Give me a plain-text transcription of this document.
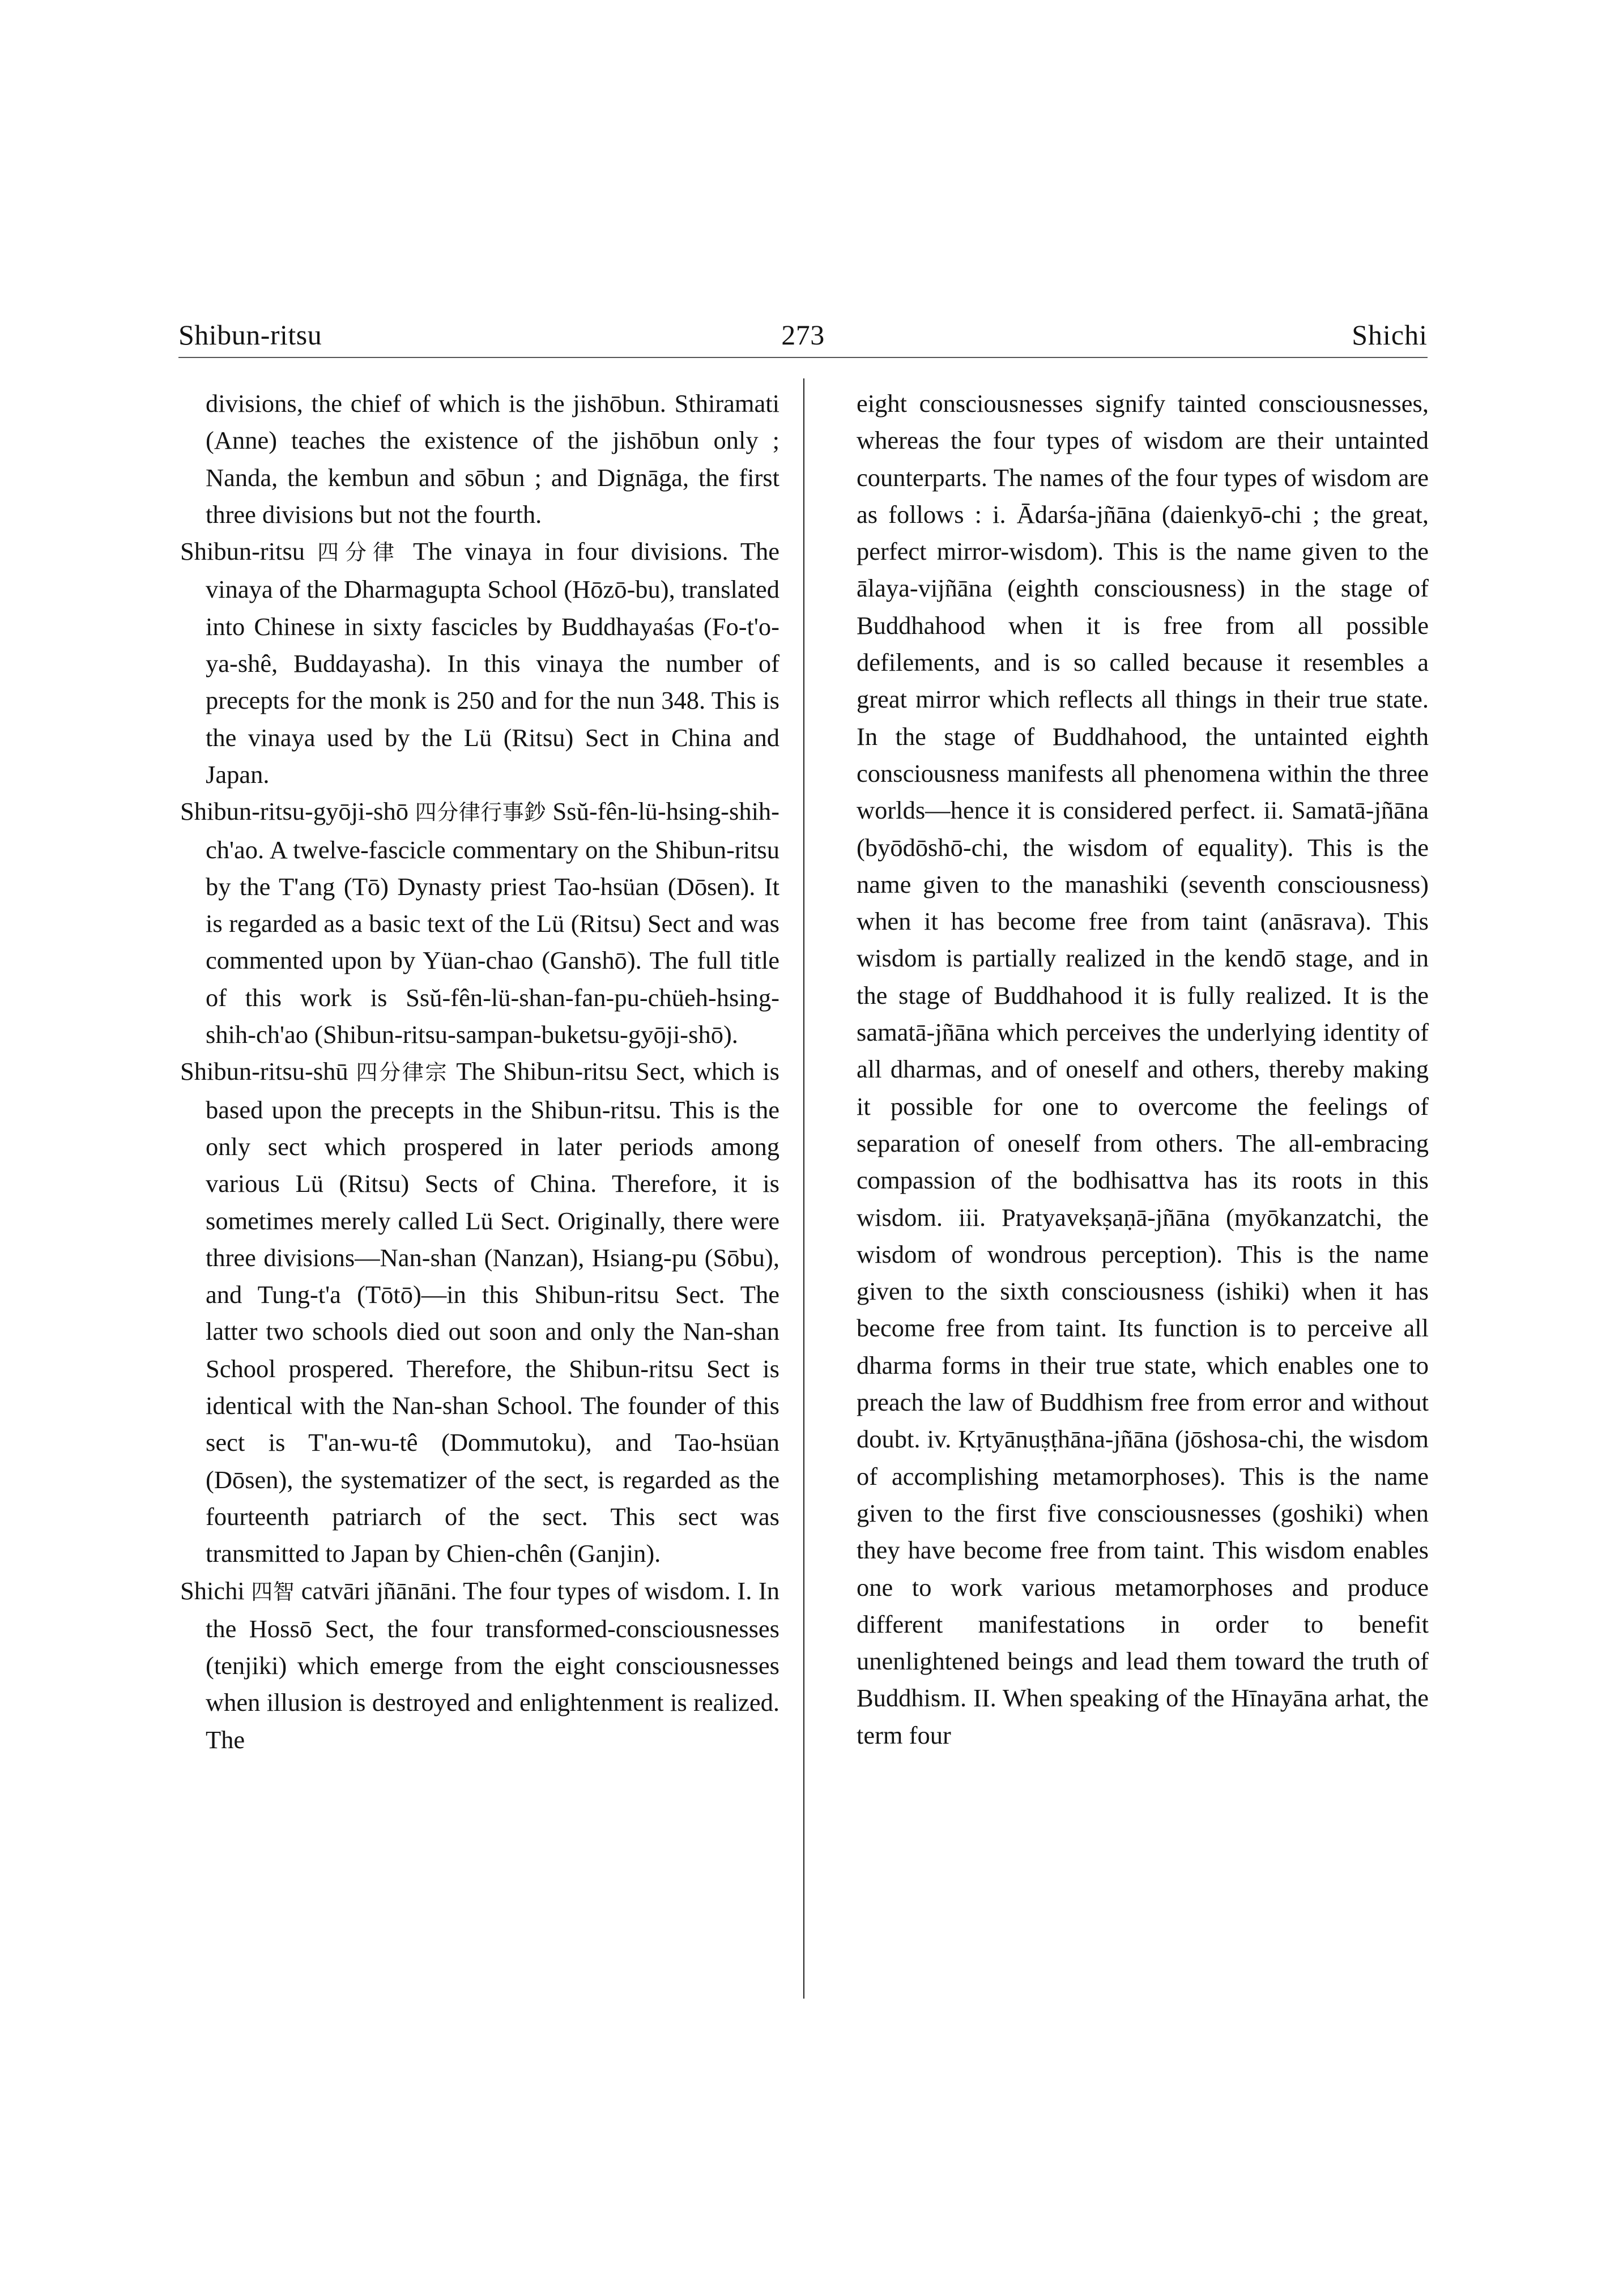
Shibun-ritsu	273	Shichi

divisions, the chief of which is the jishōbun. Sthiramati (Anne) teaches the existence of the jishōbun only ; Nanda, the kembun and sōbun ; and Dignāga, the first three divisions but not the fourth.

Shibun-ritsu 四分律 The vinaya in four divisions. The vinaya of the Dharmagupta School (Hōzō-bu), translated into Chinese in sixty fascicles by Buddhayaśas (Fo-t'o-ya-shê, Buddayasha). In this vinaya the number of precepts for the monk is 250 and for the nun 348. This is the vinaya used by the Lü (Ritsu) Sect in China and Japan.

Shibun-ritsu-gyōji-shō 四分律行事鈔 Ssŭ-fên-lü-hsing-shih-ch'ao. A twelve-fascicle commentary on the Shibun-ritsu by the T'ang (Tō) Dynasty priest Tao-hsüan (Dōsen). It is regarded as a basic text of the Lü (Ritsu) Sect and was commented upon by Yüan-chao (Ganshō). The full title of this work is Ssŭ-fên-lü-shan-fan-pu-chüeh-hsing-shih-ch'ao (Shibun-ritsu-sampan-buketsu-gyōji-shō).

Shibun-ritsu-shū 四分律宗 The Shibun-ritsu Sect, which is based upon the precepts in the Shibun-ritsu. This is the only sect which prospered in later periods among various Lü (Ritsu) Sects of China. Therefore, it is sometimes merely called Lü Sect. Originally, there were three divisions—Nan-shan (Nanzan), Hsiang-pu (Sōbu), and Tung-t'a (Tōtō)—in this Shibun-ritsu Sect. The latter two schools died out soon and only the Nan-shan School prospered. Therefore, the Shibun-ritsu Sect is identical with the Nan-shan School. The founder of this sect is T'an-wu-tê (Dommutoku), and Tao-hsüan (Dōsen), the systematizer of the sect, is regarded as the fourteenth patriarch of the sect. This sect was transmitted to Japan by Chien-chên (Ganjin).

Shichi 四智 catvāri jñānāni. The four types of wisdom. I. In the Hossō Sect, the four transformed-consciousnesses (tenjiki) which emerge from the eight consciousnesses when illusion is destroyed and enlightenment is realized. The

eight consciousnesses signify tainted consciousnesses, whereas the four types of wisdom are their untainted counterparts. The names of the four types of wisdom are as follows : i. Ādarśa-jñāna (daienkyō-chi ; the great, perfect mirror-wisdom). This is the name given to the ālaya-vijñāna (eighth consciousness) in the stage of Buddhahood when it is free from all possible defilements, and is so called because it resembles a great mirror which reflects all things in their true state. In the stage of Buddhahood, the untainted eighth consciousness manifests all phenomena within the three worlds—hence it is considered perfect. ii. Samatā-jñāna (byōdōshō-chi, the wisdom of equality). This is the name given to the manashiki (seventh consciousness) when it has become free from taint (anāsrava). This wisdom is partially realized in the kendō stage, and in the stage of Buddhahood it is fully realized. It is the samatā-jñāna which perceives the underlying identity of all dharmas, and of oneself and others, thereby making it possible for one to overcome the feelings of separation of oneself from others. The all-embracing compassion of the bodhisattva has its roots in this wisdom. iii. Pratyavekṣaṇā-jñāna (myōkanzatchi, the wisdom of wondrous perception). This is the name given to the sixth consciousness (ishiki) when it has become free from taint. Its function is to perceive all dharma forms in their true state, which enables one to preach the law of Buddhism free from error and without doubt. iv. Kṛtyānuṣṭhāna-jñāna (jōshosa-chi, the wisdom of accomplishing metamorphoses). This is the name given to the first five consciousnesses (goshiki) when they have become free from taint. This wisdom enables one to work various metamorphoses and produce different manifestations in order to benefit unenlightened beings and lead them toward the truth of Buddhism. II. When speaking of the Hīnayāna arhat, the term four
